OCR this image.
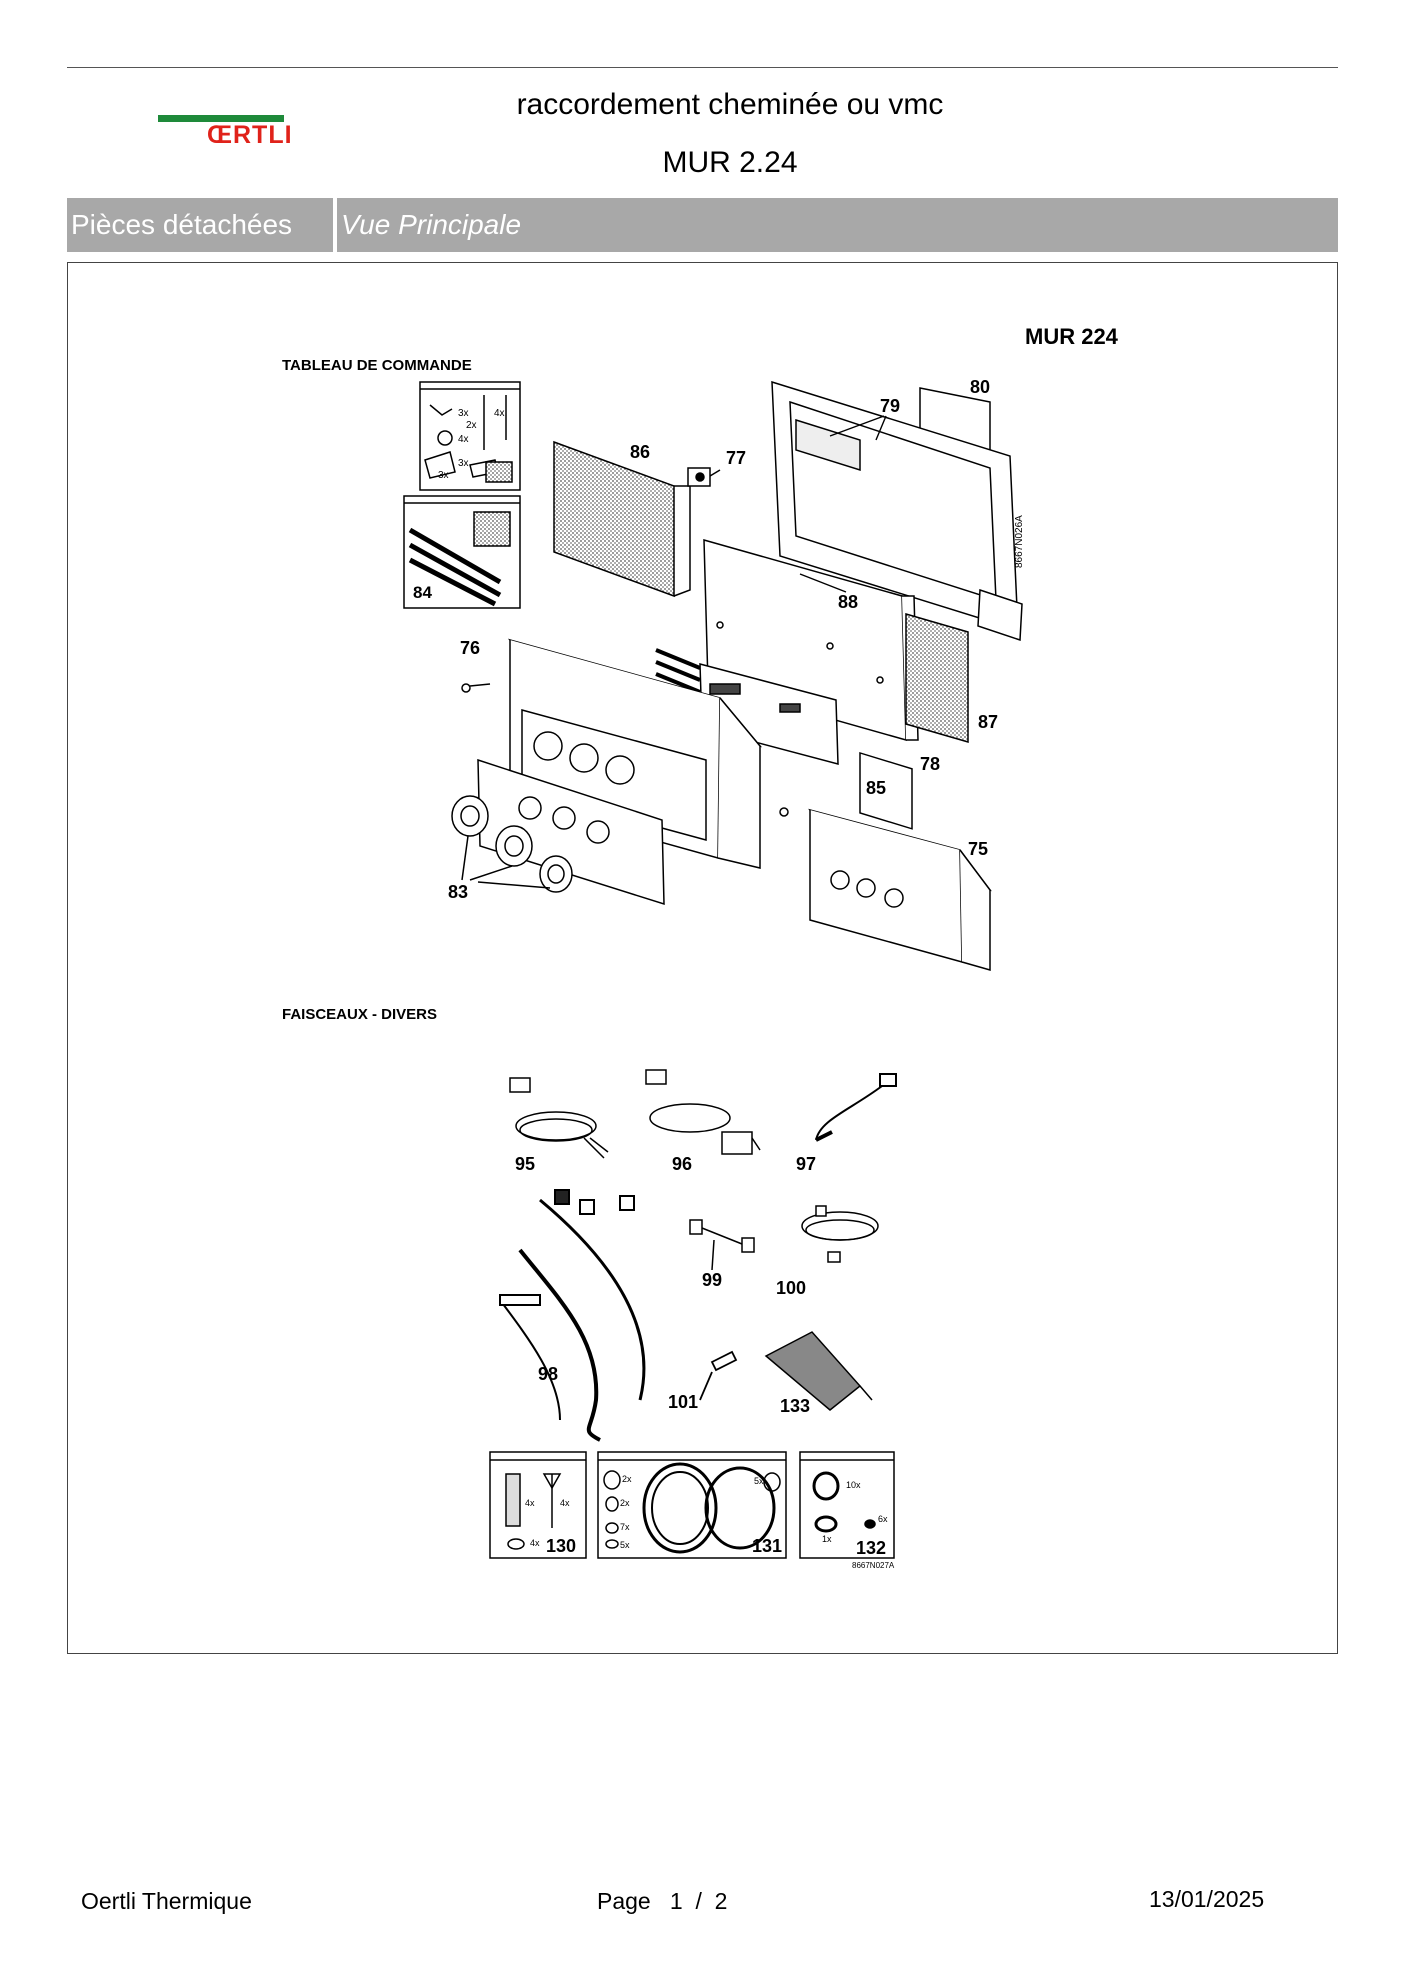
ŒRTLI
raccordement cheminée ou vmc
MUR 2.24
Pièces détachées	Vue Principale
MUR 224
TABLEAU DE COMMANDE
FAISCEAUX - DIVERS
3x	4x
2x
4x
3x
3x
84
86	77
80
79
8667N026A
88
78
87
85
76
83
75
95	96	97
99	100
98
101	133
4x	4x
4x 130
2x
2x
7x
5x
5x
131
10x
6x
1x 132
8667N027A
Oertli Thermique	Page 1 / 2	13/01/2025
